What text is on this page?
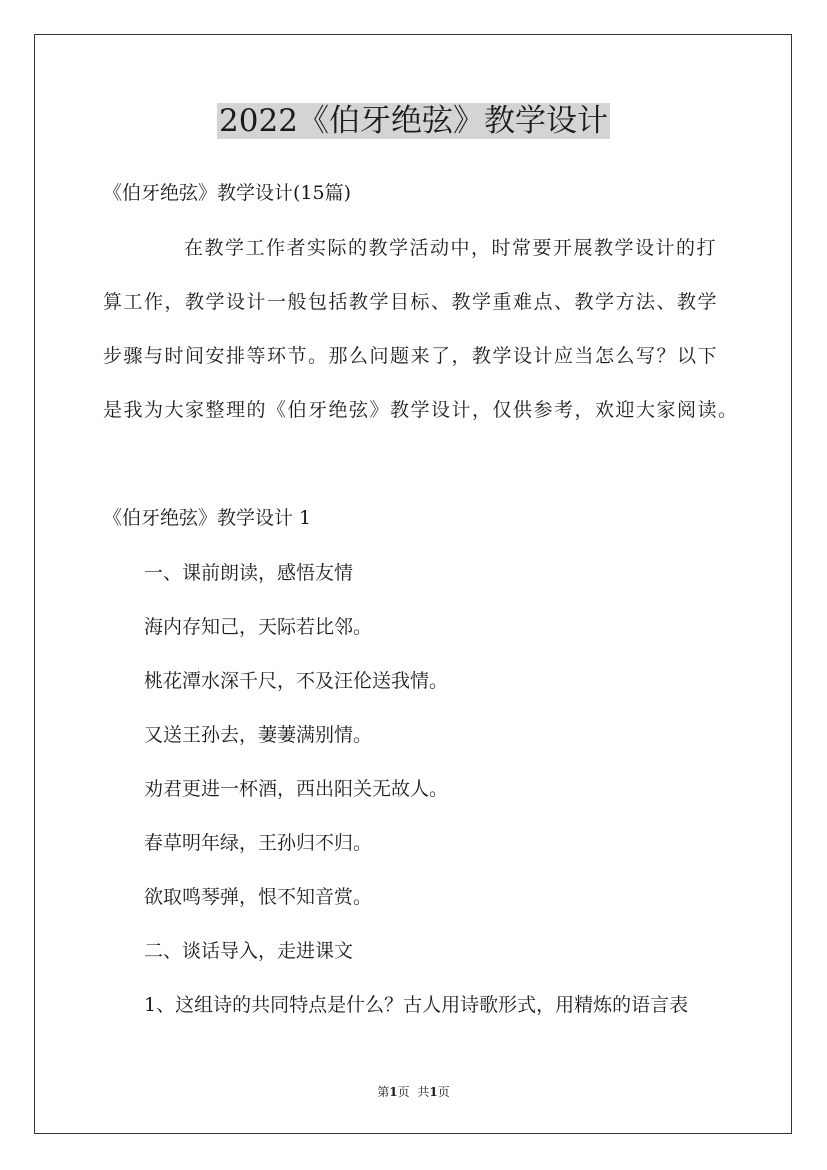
2022《伯牙绝弦》教学设计
《伯牙绝弦》教学设计(15篇)
在教学工作者实际的教学活动中，时常要开展教学设计的打
算工作，教学设计一般包括教学目标、教学重难点、教学方法、教学
步骤与时间安排等环节。那么问题来了，教学设计应当怎么写？以下
是我为大家整理的《伯牙绝弦》教学设计，仅供参考，欢迎大家阅读。
《伯牙绝弦》教学设计 1
一、课前朗读，感悟友情
海内存知己，天际若比邻。
桃花潭水深千尺，不及汪伦送我情。
又送王孙去，萋萋满别情。
劝君更进一杯酒，西出阳关无故人。
春草明年绿，王孙归不归。
欲取鸣琴弹，恨不知音赏。
二、谈话导入，走进课文
1、这组诗的共同特点是什么？古人用诗歌形式，用精炼的语言表
第1页 共1页
